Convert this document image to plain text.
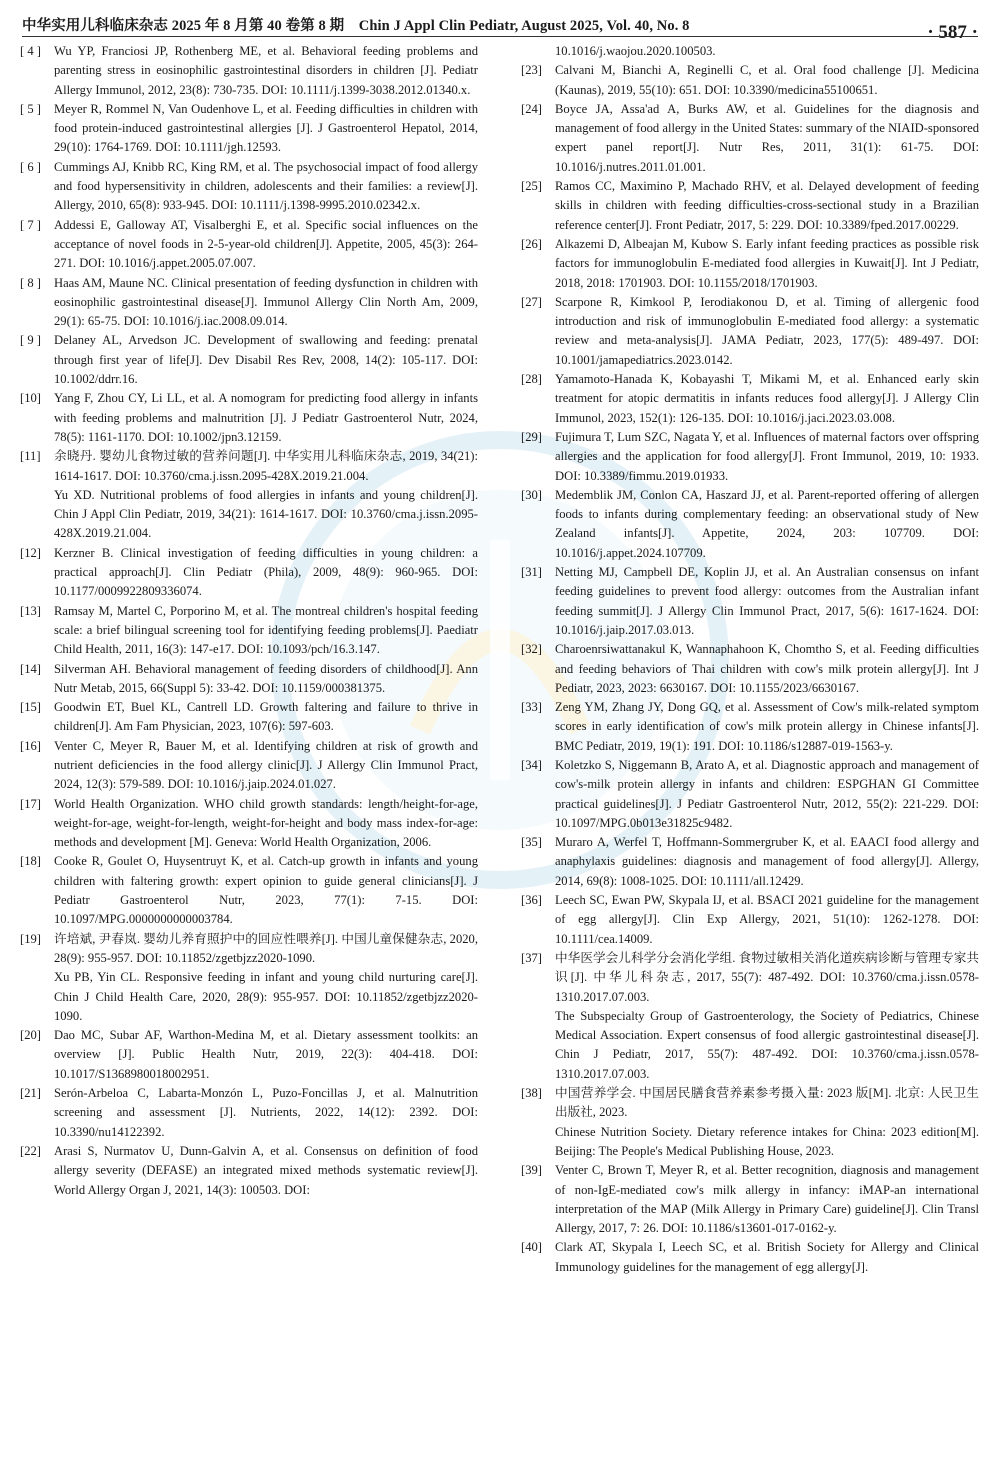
中华实用儿科临床杂志 2025 年 8 月第 40 卷第 8 期　Chin J Appl Clin Pediatr, August 2025, Vol. 40, No. 8	· 587 ·
[ 4 ]	Wu YP, Franciosi JP, Rothenberg ME, et al. Behavioral feeding problems and parenting stress in eosinophilic gastrointestinal disorders in children [J]. Pediatr Allergy Immunol, 2012, 23(8): 730-735. DOI: 10.1111/j.1399-3038.2012.01340.x.
[ 5 ]	Meyer R, Rommel N, Van Oudenhove L, et al. Feeding difficulties in children with food protein-induced gastrointestinal allergies [J]. J Gastroenterol Hepatol, 2014, 29(10): 1764-1769. DOI: 10.1111/jgh.12593.
[ 6 ]	Cummings AJ, Knibb RC, King RM, et al. The psychosocial impact of food allergy and food hypersensitivity in children, adolescents and their families: a review[J]. Allergy, 2010, 65(8): 933-945. DOI: 10.1111/j.1398-9995.2010.02342.x.
[ 7 ]	Addessi E, Galloway AT, Visalberghi E, et al. Specific social influences on the acceptance of novel foods in 2-5-year-old children[J]. Appetite, 2005, 45(3): 264-271. DOI: 10.1016/j.appet.2005.07.007.
[ 8 ]	Haas AM, Maune NC. Clinical presentation of feeding dysfunction in children with eosinophilic gastrointestinal disease[J]. Immunol Allergy Clin North Am, 2009, 29(1): 65-75. DOI: 10.1016/j.iac.2008.09.014.
[ 9 ]	Delaney AL, Arvedson JC. Development of swallowing and feeding: prenatal through first year of life[J]. Dev Disabil Res Rev, 2008, 14(2): 105-117. DOI: 10.1002/ddrr.16.
[10]	Yang F, Zhou CY, Li LL, et al. A nomogram for predicting food allergy in infants with feeding problems and malnutrition [J]. J Pediatr Gastroenterol Nutr, 2024, 78(5): 1161-1170. DOI: 10.1002/jpn3.12159.
[11]	余晓丹. 婴幼儿食物过敏的营养问题[J]. 中华实用儿科临床杂志, 2019, 34(21): 1614-1617. DOI: 10.3760/cma.j.issn.2095-428X.2019.21.004.
Yu XD. Nutritional problems of food allergies in infants and young children[J]. Chin J Appl Clin Pediatr, 2019, 34(21): 1614-1617. DOI: 10.3760/cma.j.issn.2095-428X.2019.21.004.
[12]	Kerzner B. Clinical investigation of feeding difficulties in young children: a practical approach[J]. Clin Pediatr (Phila), 2009, 48(9): 960-965. DOI: 10.1177/0009922809336074.
[13]	Ramsay M, Martel C, Porporino M, et al. The montreal children's hospital feeding scale: a brief bilingual screening tool for identifying feeding problems[J]. Paediatr Child Health, 2011, 16(3): 147-e17. DOI: 10.1093/pch/16.3.147.
[14]	Silverman AH. Behavioral management of feeding disorders of childhood[J]. Ann Nutr Metab, 2015, 66(Suppl 5): 33-42. DOI: 10.1159/000381375.
[15]	Goodwin ET, Buel KL, Cantrell LD. Growth faltering and failure to thrive in children[J]. Am Fam Physician, 2023, 107(6): 597-603.
[16]	Venter C, Meyer R, Bauer M, et al. Identifying children at risk of growth and nutrient deficiencies in the food allergy clinic[J]. J Allergy Clin Immunol Pract, 2024, 12(3): 579-589. DOI: 10.1016/j.jaip.2024.01.027.
[17]	World Health Organization. WHO child growth standards: length/height-for-age, weight-for-age, weight-for-length, weight-for-height and body mass index-for-age: methods and development [M]. Geneva: World Health Organization, 2006.
[18]	Cooke R, Goulet O, Huysentruyt K, et al. Catch-up growth in infants and young children with faltering growth: expert opinion to guide general clinicians[J]. J Pediatr Gastroenterol Nutr, 2023, 77(1): 7-15. DOI: 10.1097/MPG.0000000000003784.
[19]	许培斌, 尹春岚. 婴幼儿养育照护中的回应性喂养[J]. 中国儿童保健杂志, 2020, 28(9): 955-957. DOI: 10.11852/zgetbjzz2020-1090.
Xu PB, Yin CL. Responsive feeding in infant and young child nurturing care[J]. Chin J Child Health Care, 2020, 28(9): 955-957. DOI: 10.11852/zgetbjzz2020-1090.
[20]	Dao MC, Subar AF, Warthon-Medina M, et al. Dietary assessment toolkits: an overview [J]. Public Health Nutr, 2019, 22(3): 404-418. DOI: 10.1017/S1368980018002951.
[21]	Serón-Arbeloa C, Labarta-Monzón L, Puzo-Foncillas J, et al. Malnutrition screening and assessment [J]. Nutrients, 2022, 14(12): 2392. DOI: 10.3390/nu14122392.
[22]	Arasi S, Nurmatov U, Dunn-Galvin A, et al. Consensus on definition of food allergy severity (DEFASE) an integrated mixed methods systematic review[J]. World Allergy Organ J, 2021, 14(3): 100503. DOI:
10.1016/j.waojou.2020.100503.
[23]	Calvani M, Bianchi A, Reginelli C, et al. Oral food challenge [J]. Medicina (Kaunas), 2019, 55(10): 651. DOI: 10.3390/medicina55100651.
[24]	Boyce JA, Assa'ad A, Burks AW, et al. Guidelines for the diagnosis and management of food allergy in the United States: summary of the NIAID-sponsored expert panel report[J]. Nutr Res, 2011, 31(1): 61-75. DOI: 10.1016/j.nutres.2011.01.001.
[25]	Ramos CC, Maximino P, Machado RHV, et al. Delayed development of feeding skills in children with feeding difficulties-cross-sectional study in a Brazilian reference center[J]. Front Pediatr, 2017, 5: 229. DOI: 10.3389/fped.2017.00229.
[26]	Alkazemi D, Albeajan M, Kubow S. Early infant feeding practices as possible risk factors for immunoglobulin E-mediated food allergies in Kuwait[J]. Int J Pediatr, 2018, 2018: 1701903. DOI: 10.1155/2018/1701903.
[27]	Scarpone R, Kimkool P, Ierodiakonou D, et al. Timing of allergenic food introduction and risk of immunoglobulin E-mediated food allergy: a systematic review and meta-analysis[J]. JAMA Pediatr, 2023, 177(5): 489-497. DOI: 10.1001/jamapediatrics.2023.0142.
[28]	Yamamoto-Hanada K, Kobayashi T, Mikami M, et al. Enhanced early skin treatment for atopic dermatitis in infants reduces food allergy[J]. J Allergy Clin Immunol, 2023, 152(1): 126-135. DOI: 10.1016/j.jaci.2023.03.008.
[29]	Fujimura T, Lum SZC, Nagata Y, et al. Influences of maternal factors over offspring allergies and the application for food allergy[J]. Front Immunol, 2019, 10: 1933. DOI: 10.3389/fimmu.2019.01933.
[30]	Medemblik JM, Conlon CA, Haszard JJ, et al. Parent-reported offering of allergen foods to infants during complementary feeding: an observational study of New Zealand infants[J]. Appetite, 2024, 203: 107709. DOI: 10.1016/j.appet.2024.107709.
[31]	Netting MJ, Campbell DE, Koplin JJ, et al. An Australian consensus on infant feeding guidelines to prevent food allergy: outcomes from the Australian infant feeding summit[J]. J Allergy Clin Immunol Pract, 2017, 5(6): 1617-1624. DOI: 10.1016/j.jaip.2017.03.013.
[32]	Charoenrsiwattanakul K, Wannaphahoon K, Chomtho S, et al. Feeding difficulties and feeding behaviors of Thai children with cow's milk protein allergy[J]. Int J Pediatr, 2023, 2023: 6630167. DOI: 10.1155/2023/6630167.
[33]	Zeng YM, Zhang JY, Dong GQ, et al. Assessment of Cow's milk-related symptom scores in early identification of cow's milk protein allergy in Chinese infants[J]. BMC Pediatr, 2019, 19(1): 191. DOI: 10.1186/s12887-019-1563-y.
[34]	Koletzko S, Niggemann B, Arato A, et al. Diagnostic approach and management of cow's-milk protein allergy in infants and children: ESPGHAN GI Committee practical guidelines[J]. J Pediatr Gastroenterol Nutr, 2012, 55(2): 221-229. DOI: 10.1097/MPG.0b013e31825c9482.
[35]	Muraro A, Werfel T, Hoffmann-Sommergruber K, et al. EAACI food allergy and anaphylaxis guidelines: diagnosis and management of food allergy[J]. Allergy, 2014, 69(8): 1008-1025. DOI: 10.1111/all.12429.
[36]	Leech SC, Ewan PW, Skypala IJ, et al. BSACI 2021 guideline for the management of egg allergy[J]. Clin Exp Allergy, 2021, 51(10): 1262-1278. DOI: 10.1111/cea.14009.
[37]	中华医学会儿科学分会消化学组. 食物过敏相关消化道疾病诊断与管理专家共识[J]. 中华儿科杂志, 2017, 55(7): 487-492. DOI: 10.3760/cma.j.issn.0578-1310.2017.07.003.
The Subspecialty Group of Gastroenterology, the Society of Pediatrics, Chinese Medical Association. Expert consensus of food allergic gastrointestinal disease[J]. Chin J Pediatr, 2017, 55(7): 487-492. DOI: 10.3760/cma.j.issn.0578-1310.2017.07.003.
[38]	中国营养学会. 中国居民膳食营养素参考摄入量: 2023 版[M]. 北京: 人民卫生出版社, 2023.
Chinese Nutrition Society. Dietary reference intakes for China: 2023 edition[M]. Beijing: The People's Medical Publishing House, 2023.
[39]	Venter C, Brown T, Meyer R, et al. Better recognition, diagnosis and management of non-IgE-mediated cow's milk allergy in infancy: iMAP-an international interpretation of the MAP (Milk Allergy in Primary Care) guideline[J]. Clin Transl Allergy, 2017, 7: 26. DOI: 10.1186/s13601-017-0162-y.
[40]	Clark AT, Skypala I, Leech SC, et al. British Society for Allergy and Clinical Immunology guidelines for the management of egg allergy[J].
